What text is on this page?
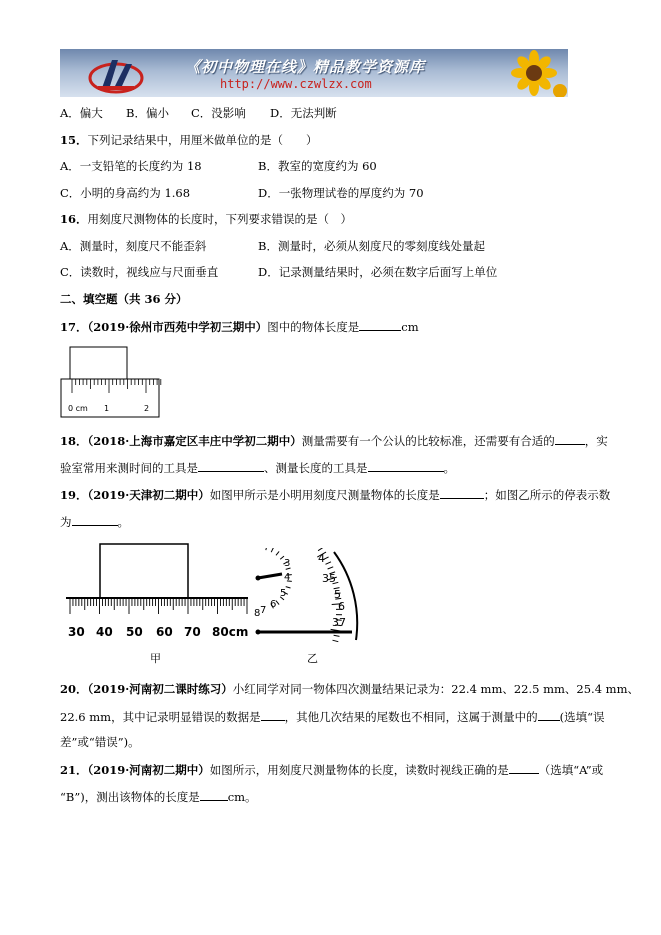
《初中物理在线》精品教学资源库
http://www.czwlzx.com
A．偏大 B．偏小 C．没影响 D．无法判断
15．下列记录结果中，用厘米做单位的是（　　）
A．一支铅笔的长度约为 18	B．教室的宽度约为 60
C．小明的身高约为 1.68	D．一张物理试卷的厚度约为 70
16．用刻度尺测物体的长度时，下列要求错误的是（　）
A．测量时，刻度尺不能歪斜	B．测量时，必须从刻度尺的零刻度线处量起
C．读数时，视线应与尺面垂直	D．记录测量结果时，必须在数字后面写上单位
二、填空题（共 36 分）
17．（2019·徐州市西苑中学初三期中）图中的物体长度是	cm
0 cm 1	2
18．（2018·上海市嘉定区丰庄中学初二期中）测量需要有一个公认的比较标准，还需要有合适的	，实
验室常用来测时间的工具是	、测量长度的工具是	。
19．（2019·天津初二期中）如图甲所示是小明用刻度尺测量物体的长度是	；如图乙所示的停表示数
为	。
30 40 50 60 70 80cm
甲
3
4
5
6
7
8
4
35
5
6
37
乙
20．（2019·河南初二课时练习）小红同学对同一物体四次测量结果记录为：22.4 mm、22.5 mm、25.4 mm、
22.6 mm，其中记录明显错误的数据是 ，其他几次结果的尾数也不相同，这属于测量中的 (选填“误
差”或“错误”)。
21．（2019·河南初二期中）如图所示，用刻度尺测量物体的长度，读数时视线正确的是	（选填“A”或
“B”)，测出该物体的长度是 cm。
